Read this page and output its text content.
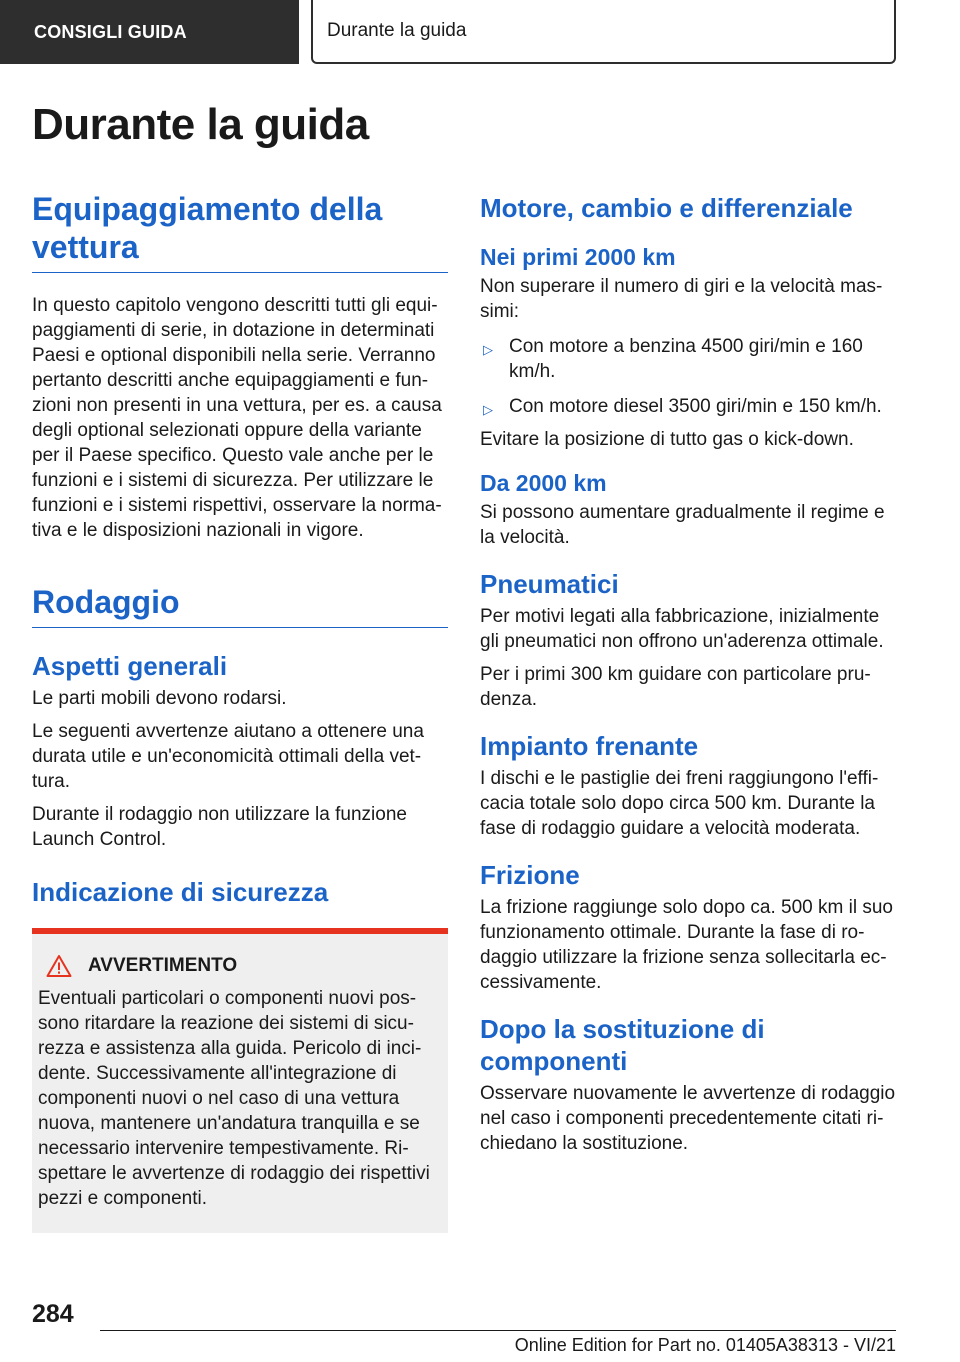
CONSIGLI GUIDA	Durante la guida
Durante la guida
Equipaggiamento della vettura

In questo capitolo vengono descritti tutti gli equi-paggiamenti di serie, in dotazione in determinati Paesi e optional disponibili nella serie. Verranno pertanto descritti anche equipaggiamenti e fun-zioni non presenti in una vettura, per es. a causa degli optional selezionati oppure della variante per il Paese specifico. Questo vale anche per le funzioni e i sistemi di sicurezza. Per utilizzare le funzioni e i sistemi rispettivi, osservare la norma-tiva e le disposizioni nazionali in vigore.

Rodaggio
Aspetti generali

Le parti mobili devono rodarsi.

Le seguenti avvertenze aiutano a ottenere una durata utile e un'economicità ottimali della vet-tura.

Durante il rodaggio non utilizzare la funzione Launch Control.

Indicazione di sicurezza
AVVERTIMENTO

Eventuali particolari o componenti nuovi pos-sono ritardare la reazione dei sistemi di sicu-rezza e assistenza alla guida. Pericolo di inci-dente. Successivamente all'integrazione di componenti nuovi o nel caso di una vettura nuova, mantenere un'andatura tranquilla e se necessario intervenire tempestivamente. Ri-spettare le avvertenze di rodaggio dei rispettivi pezzi e componenti.

Motore, cambio e differenziale
Nei primi 2000 km

Non superare il numero di giri e la velocità mas-simi:

▷ Con motore a benzina 4500 giri/min e 160 km/h.
▷ Con motore diesel 3500 giri/min e 150 km/h.

Evitare la posizione di tutto gas o kick-down.

Da 2000 km

Si possono aumentare gradualmente il regime e la velocità.

Pneumatici

Per motivi legati alla fabbricazione, inizialmente gli pneumatici non offrono un'aderenza ottimale.

Per i primi 300 km guidare con particolare pru-denza.

Impianto frenante

I dischi e le pastiglie dei freni raggiungono l'effi-cacia totale solo dopo circa 500 km. Durante la fase di rodaggio guidare a velocità moderata.

Frizione

La frizione raggiunge solo dopo ca. 500 km il suo funzionamento ottimale. Durante la fase di ro-daggio utilizzare la frizione senza sollecitarla ec-cessivamente.

Dopo la sostituzione di componenti

Osservare nuovamente le avvertenze di rodaggio nel caso i componenti precedentemente citati ri-chiedano la sostituzione.

284
Online Edition for Part no. 01405A38313 - VI/21
